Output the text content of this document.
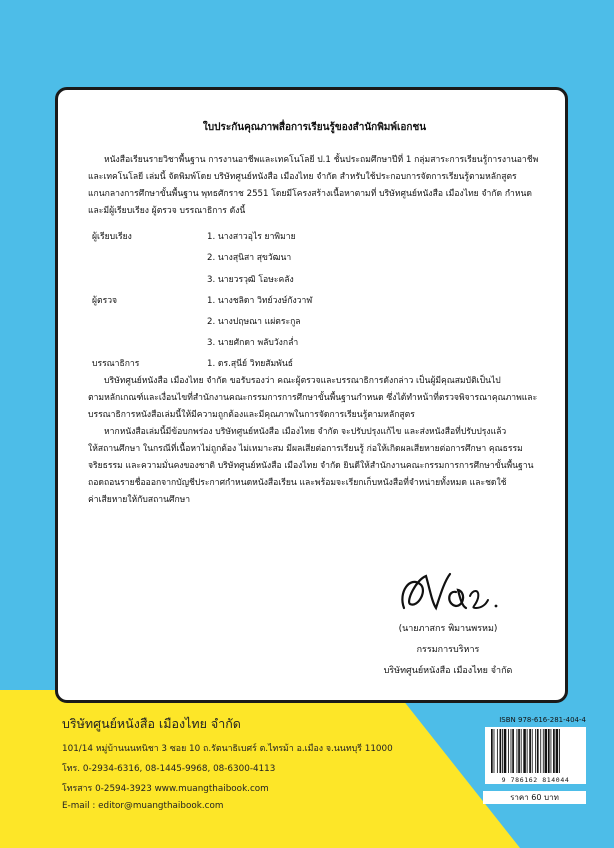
ใบประกันคุณภาพสื่อการเรียนรู้ของสำนักพิมพ์เอกชน
หนังสือเรียนรายวิชาพื้นฐาน การงานอาชีพและเทคโนโลยี ป.1 ชั้นประถมศึกษาปีที่ 1 กลุ่มสาระการเรียนรู้การงานอาชีพ
และเทคโนโลยี เล่มนี้ จัดพิมพ์โดย บริษัทศูนย์หนังสือ เมืองไทย จำกัด สำหรับใช้ประกอบการจัดการเรียนรู้ตามหลักสูตร
แกนกลางการศึกษาขั้นพื้นฐาน พุทธศักราช 2551 โดยมีโครงสร้างเนื้อหาตามที่ บริษัทศูนย์หนังสือ เมืองไทย จำกัด กำหนด
และมีผู้เรียบเรียง ผู้ตรวจ บรรณาธิการ ดังนี้
ผู้เรียบเรียง	1. นางสาวอุไร ยาพิมาย
2. นางสุนิสา สุขวัฒนา
3. นายวรวุฒิ โอษะคลัง
ผู้ตรวจ	1. นางชลิดา วิทย์วงษ์กังวาฬ
2. นางปฤษณา แผ่ตระกูล
3. นายศักดา พลับวังกล่ำ
บรรณาธิการ	1. ดร.สุนีย์ วิทยสัมพันธ์
บริษัทศูนย์หนังสือ เมืองไทย จำกัด ขอรับรองว่า คณะผู้ตรวจและบรรณาธิการดังกล่าว เป็นผู้มีคุณสมบัติเป็นไป
ตามหลักเกณฑ์และเงื่อนไขที่สำนักงานคณะกรรมการการศึกษาขั้นพื้นฐานกำหนด ซึ่งได้ทำหน้าที่ตรวจพิจารณาคุณภาพและ
บรรณาธิการหนังสือเล่มนี้ให้มีความถูกต้องและมีคุณภาพในการจัดการเรียนรู้ตามหลักสูตร
หากหนังสือเล่มนี้มีข้อบกพร่อง บริษัทศูนย์หนังสือ เมืองไทย จำกัด จะปรับปรุงแก้ไข และส่งหนังสือที่ปรับปรุงแล้ว
ให้สถานศึกษา ในกรณีที่เนื้อหาไม่ถูกต้อง ไม่เหมาะสม มีผลเสียต่อการเรียนรู้ ก่อให้เกิดผลเสียหายต่อการศึกษา คุณธรรม
จริยธรรม และความมั่นคงของชาติ บริษัทศูนย์หนังสือ เมืองไทย จำกัด ยินดีให้สำนักงานคณะกรรมการการศึกษาขั้นพื้นฐาน
ถอดถอนรายชื่อออกจากบัญชีประกาศกำหนดหนังสือเรียน และพร้อมจะเรียกเก็บหนังสือที่จำหน่ายทั้งหมด และชดใช้
ค่าเสียหายให้กับสถานศึกษา
(นายภาสกร พิมานพรหม)
กรรมการบริหาร
บริษัทศูนย์หนังสือ เมืองไทย จำกัด
บริษัทศูนย์หนังสือ เมืองไทย จำกัด
101/14 หมู่บ้านนนทนิชา 3 ซอย 10 ถ.รัตนาธิเบศร์ ต.ไทรม้า อ.เมือง จ.นนทบุรี 11000
โทร. 0-2934-6316, 08-1445-9968, 08-6300-4113
โทรสาร 0-2594-3923 www.muangthaibook.com
E-mail : editor@muangthaibook.com
ISBN 978-616-281-404-4
9 786162 814044
ราคา 60 บาท
